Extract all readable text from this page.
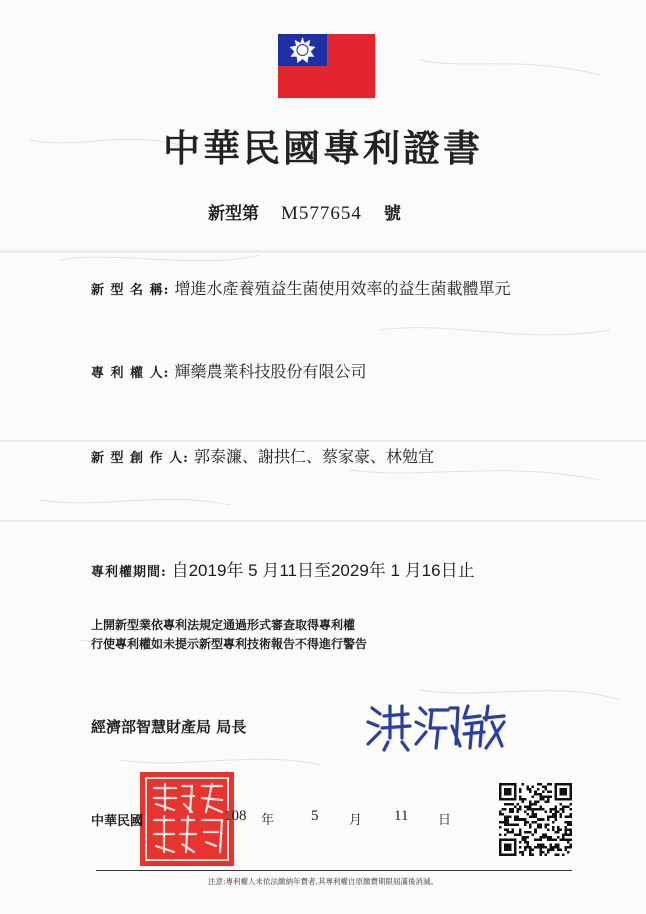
中華民國專利證書
新型第 M577654 號
新 型 名 稱: 增進水產養殖益生菌使用效率的益生菌載體單元
專 利 權 人: 輝藥農業科技股份有限公司
新 型 創 作 人: 郭泰濂、謝拱仁、蔡家豪、林勉宜
專利權期間: 自2019年 5 月11日至2029年 1 月16日止
上開新型業依專利法規定通過形式審查取得專利權
行使專利權如未提示新型專利技術報告不得進行警告
經濟部智慧財產局 局長
中華民國	108 年 5 月 11 日
注意:專利權人未依法繳納年費者,其專利權自原繳費期限屆滿後消滅。
